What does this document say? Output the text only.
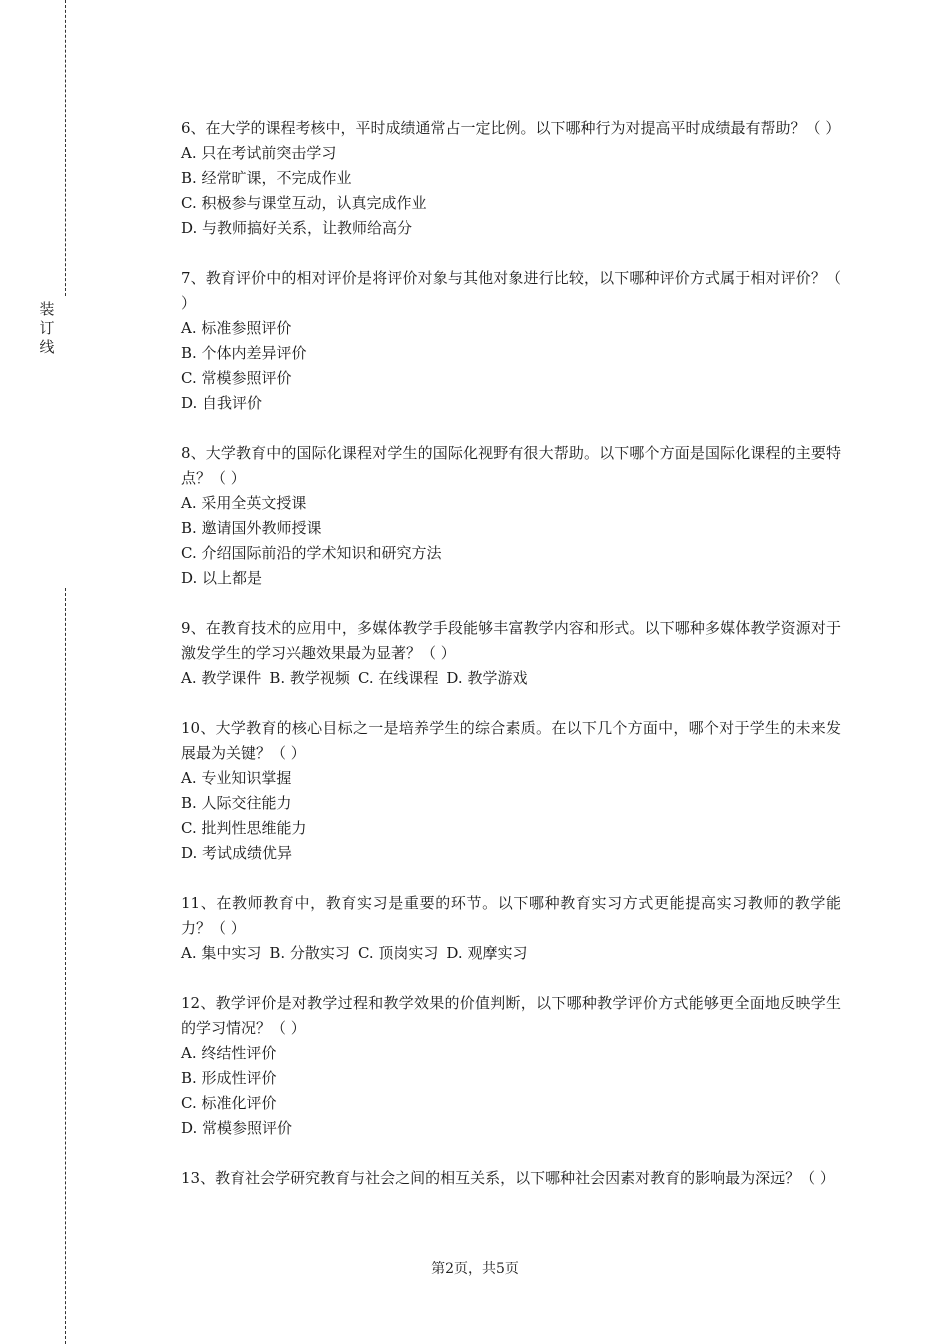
装订线

6、在大学的课程考核中，平时成绩通常占一定比例。以下哪种行为对提高平时成绩最有帮助？（ ）

A. 只在考试前突击学习

B. 经常旷课，不完成作业

C. 积极参与课堂互动，认真完成作业

D. 与教师搞好关系，让教师给高分

7、教育评价中的相对评价是将评价对象与其他对象进行比较，以下哪种评价方式属于相对评价？（ ）

A. 标准参照评价

B. 个体内差异评价

C. 常模参照评价

D. 自我评价

8、大学教育中的国际化课程对学生的国际化视野有很大帮助。以下哪个方面是国际化课程的主要特点？（ ）

A. 采用全英文授课

B. 邀请国外教师授课

C. 介绍国际前沿的学术知识和研究方法

D. 以上都是

9、在教育技术的应用中，多媒体教学手段能够丰富教学内容和形式。以下哪种多媒体教学资源对于激发学生的学习兴趣效果最为显著？（ ）

A. 教学课件 B. 教学视频 C. 在线课程 D. 教学游戏

10、大学教育的核心目标之一是培养学生的综合素质。在以下几个方面中，哪个对于学生的未来发展最为关键？（ ）

A. 专业知识掌握

B. 人际交往能力

C. 批判性思维能力

D. 考试成绩优异

11、在教师教育中，教育实习是重要的环节。以下哪种教育实习方式更能提高实习教师的教学能力？（ ）

A. 集中实习 B. 分散实习 C. 顶岗实习 D. 观摩实习

12、教学评价是对教学过程和教学效果的价值判断，以下哪种教学评价方式能够更全面地反映学生的学习情况？（ ）

A. 终结性评价

B. 形成性评价

C. 标准化评价

D. 常模参照评价

13、教育社会学研究教育与社会之间的相互关系，以下哪种社会因素对教育的影响最为深远？（ ）

第2页，共5页
